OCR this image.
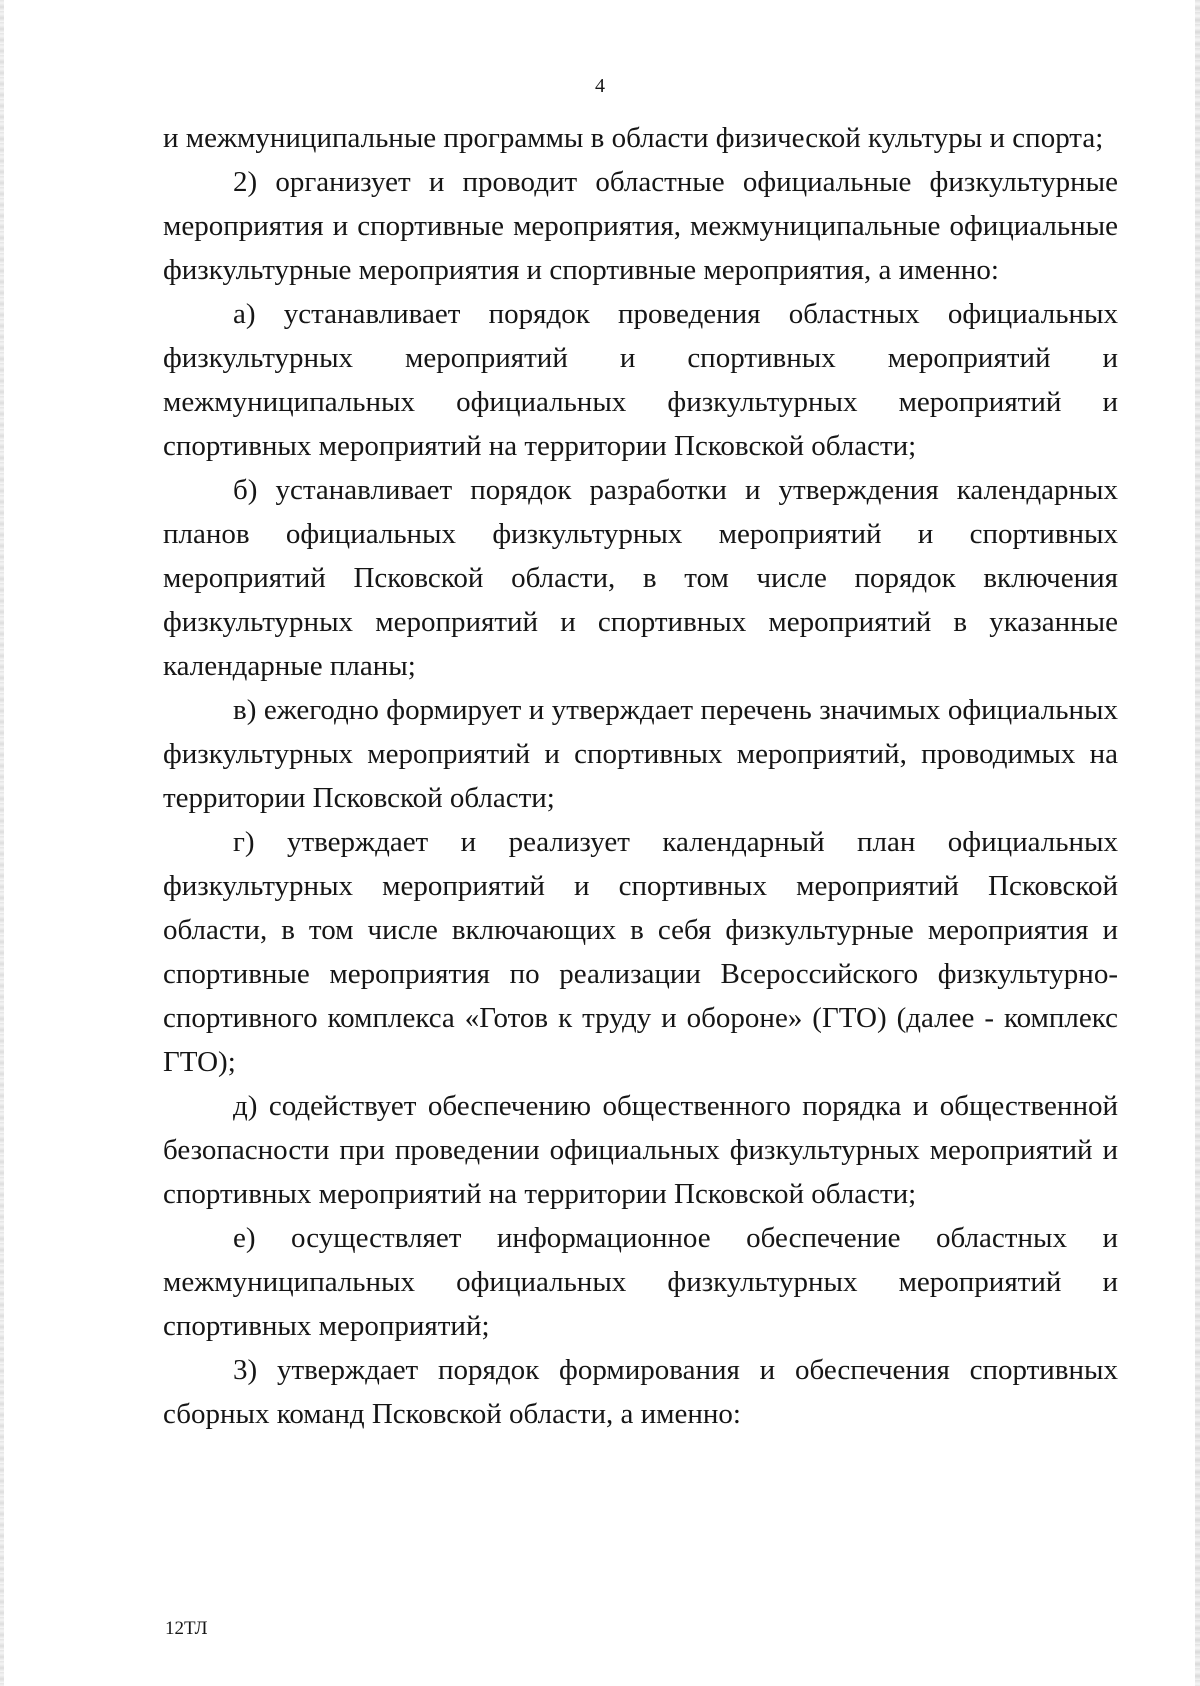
4

и межмуниципальные программы в области физической культуры и спорта;

2) организует и проводит областные официальные физкультурные мероприятия и спортивные мероприятия, межмуниципальные официальные физкультурные мероприятия и спортивные мероприятия, а именно:

а) устанавливает порядок проведения областных официальных физкультурных мероприятий и спортивных мероприятий и межмуниципальных официальных физкультурных мероприятий и спортивных мероприятий на территории Псковской области;

б) устанавливает порядок разработки и утверждения календарных планов официальных физкультурных мероприятий и спортивных мероприятий Псковской области, в том числе порядок включения физкультурных мероприятий и спортивных мероприятий в указанные календарные планы;

в) ежегодно формирует и утверждает перечень значимых официальных физкультурных мероприятий и спортивных мероприятий, проводимых на территории Псковской области;

г) утверждает и реализует календарный план официальных физкультурных мероприятий и спортивных мероприятий Псковской области, в том числе включающих в себя физкультурные мероприятия и спортивные мероприятия по реализации Всероссийского физкультурно-спортивного комплекса «Готов к труду и обороне» (ГТО) (далее - комплекс ГТО);

д) содействует обеспечению общественного порядка и общественной безопасности при проведении официальных физкультурных мероприятий и спортивных мероприятий на территории Псковской области;

е) осуществляет информационное обеспечение областных и межмуниципальных официальных физкультурных мероприятий и спортивных мероприятий;

3) утверждает порядок формирования и обеспечения спортивных сборных команд Псковской области, а именно:

12ТЛ
